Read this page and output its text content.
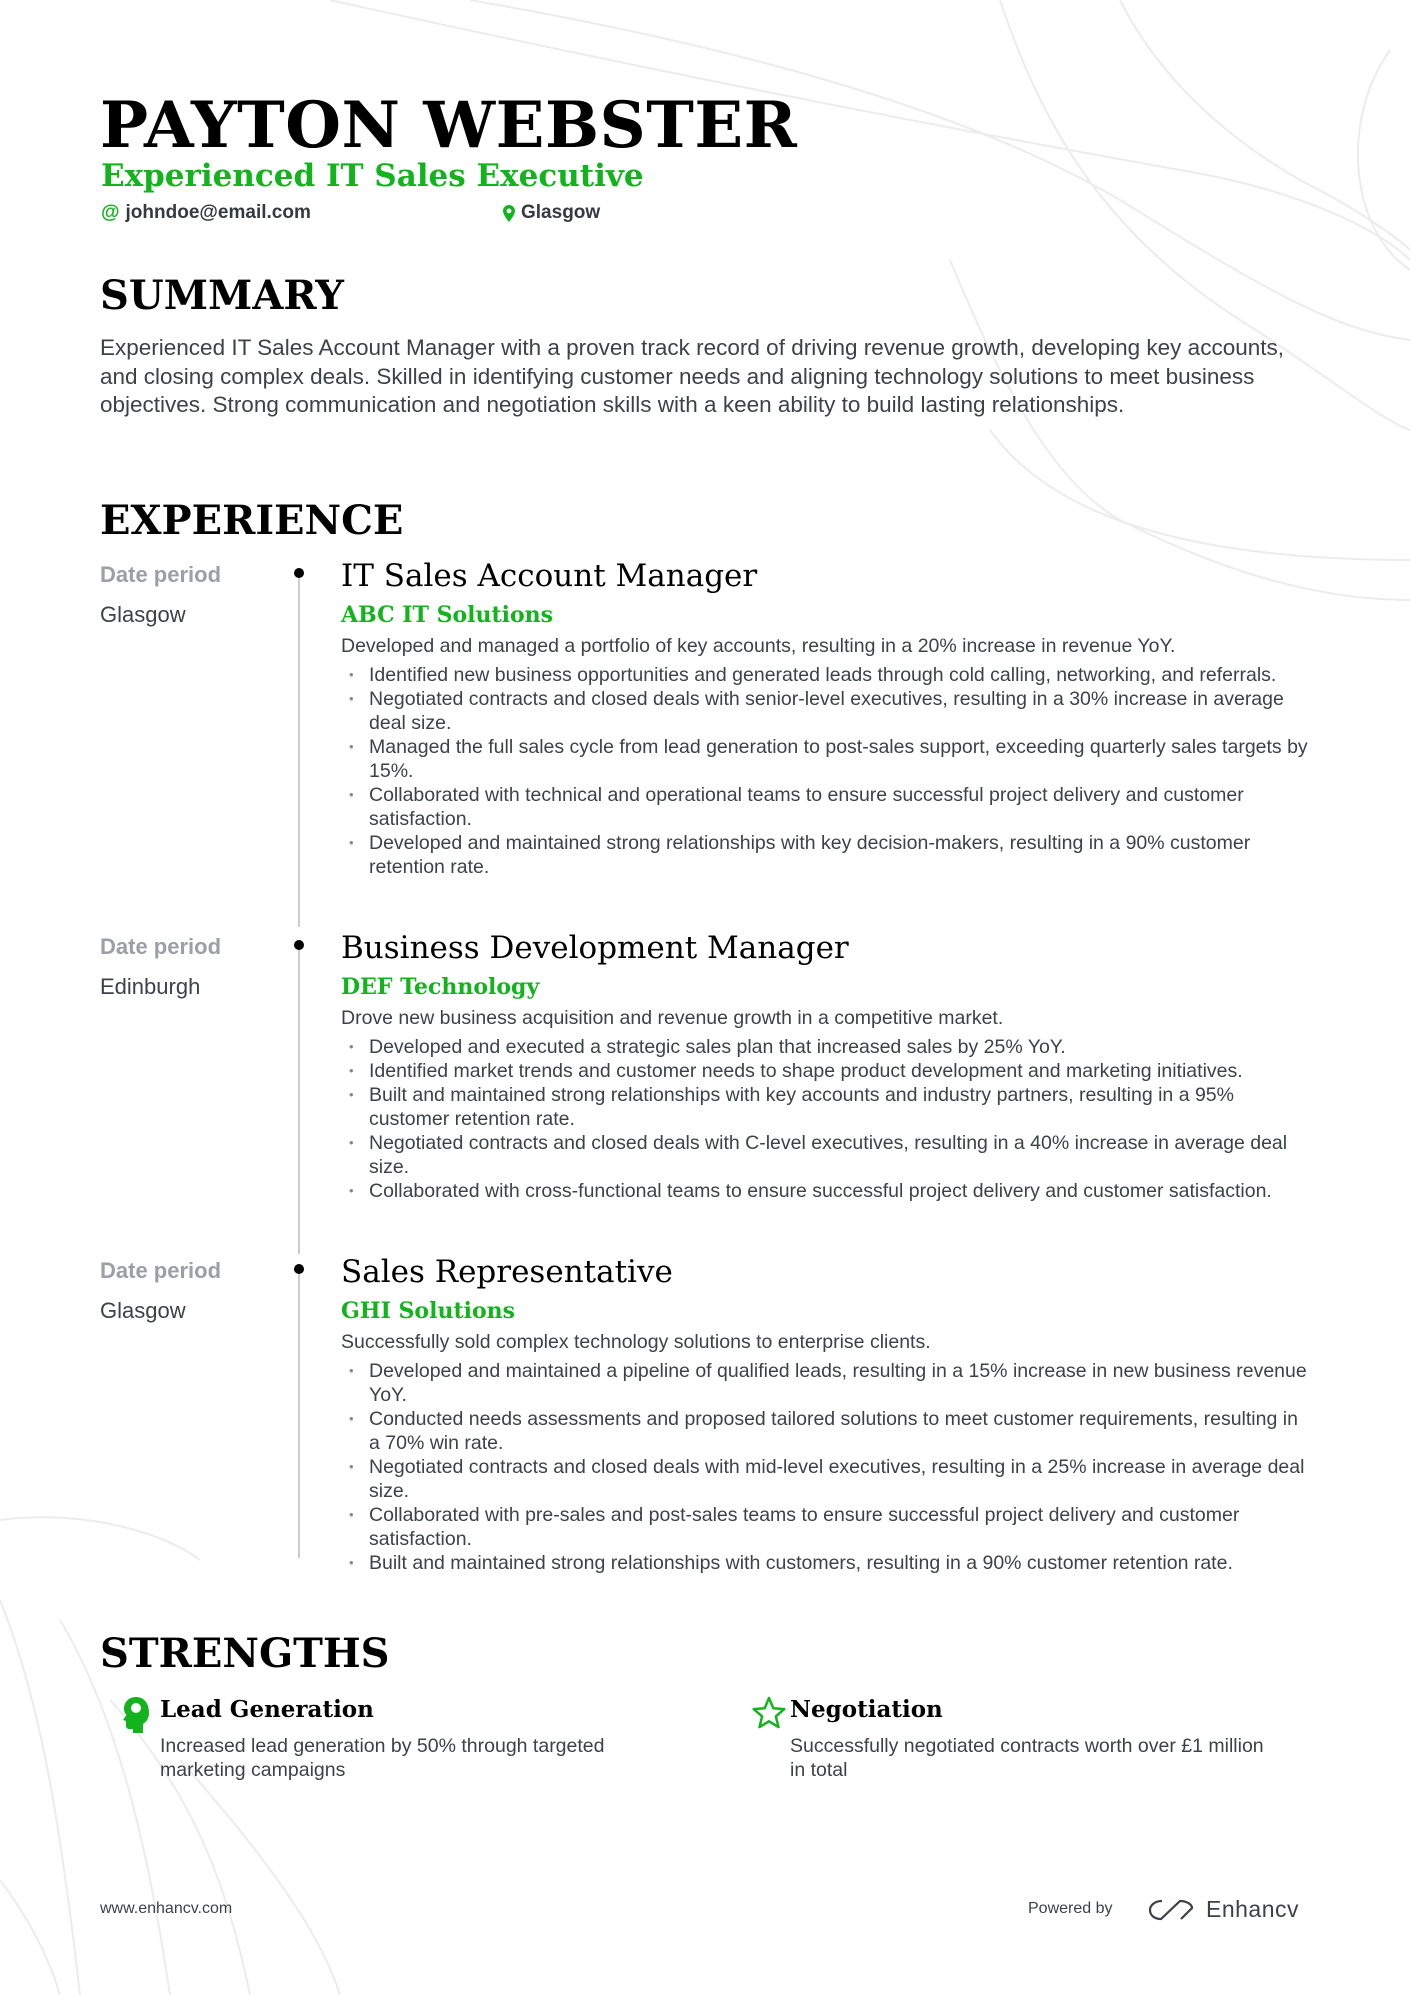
PAYTON WEBSTER
Experienced IT Sales Executive
@ johndoe@email.com	Glasgow
SUMMARY
Experienced IT Sales Account Manager with a proven track record of driving revenue growth, developing key accounts, and closing complex deals. Skilled in identifying customer needs and aligning technology solutions to meet business objectives. Strong communication and negotiation skills with a keen ability to build lasting relationships.
EXPERIENCE
Date period
Glasgow
IT Sales Account Manager
ABC IT Solutions
Developed and managed a portfolio of key accounts, resulting in a 20% increase in revenue YoY.
• Identified new business opportunities and generated leads through cold calling, networking, and referrals.
• Negotiated contracts and closed deals with senior-level executives, resulting in a 30% increase in average deal size.
• Managed the full sales cycle from lead generation to post-sales support, exceeding quarterly sales targets by 15%.
• Collaborated with technical and operational teams to ensure successful project delivery and customer satisfaction.
• Developed and maintained strong relationships with key decision-makers, resulting in a 90% customer retention rate.
Date period
Edinburgh
Business Development Manager
DEF Technology
Drove new business acquisition and revenue growth in a competitive market.
• Developed and executed a strategic sales plan that increased sales by 25% YoY.
• Identified market trends and customer needs to shape product development and marketing initiatives.
• Built and maintained strong relationships with key accounts and industry partners, resulting in a 95% customer retention rate.
• Negotiated contracts and closed deals with C-level executives, resulting in a 40% increase in average deal size.
• Collaborated with cross-functional teams to ensure successful project delivery and customer satisfaction.
Date period
Glasgow
Sales Representative
GHI Solutions
Successfully sold complex technology solutions to enterprise clients.
• Developed and maintained a pipeline of qualified leads, resulting in a 15% increase in new business revenue YoY.
• Conducted needs assessments and proposed tailored solutions to meet customer requirements, resulting in a 70% win rate.
• Negotiated contracts and closed deals with mid-level executives, resulting in a 25% increase in average deal size.
• Collaborated with pre-sales and post-sales teams to ensure successful project delivery and customer satisfaction.
• Built and maintained strong relationships with customers, resulting in a 90% customer retention rate.
STRENGTHS
Lead Generation
Increased lead generation by 50% through targeted marketing campaigns
Negotiation
Successfully negotiated contracts worth over £1 million in total
www.enhancv.com	Powered by	Enhancv
